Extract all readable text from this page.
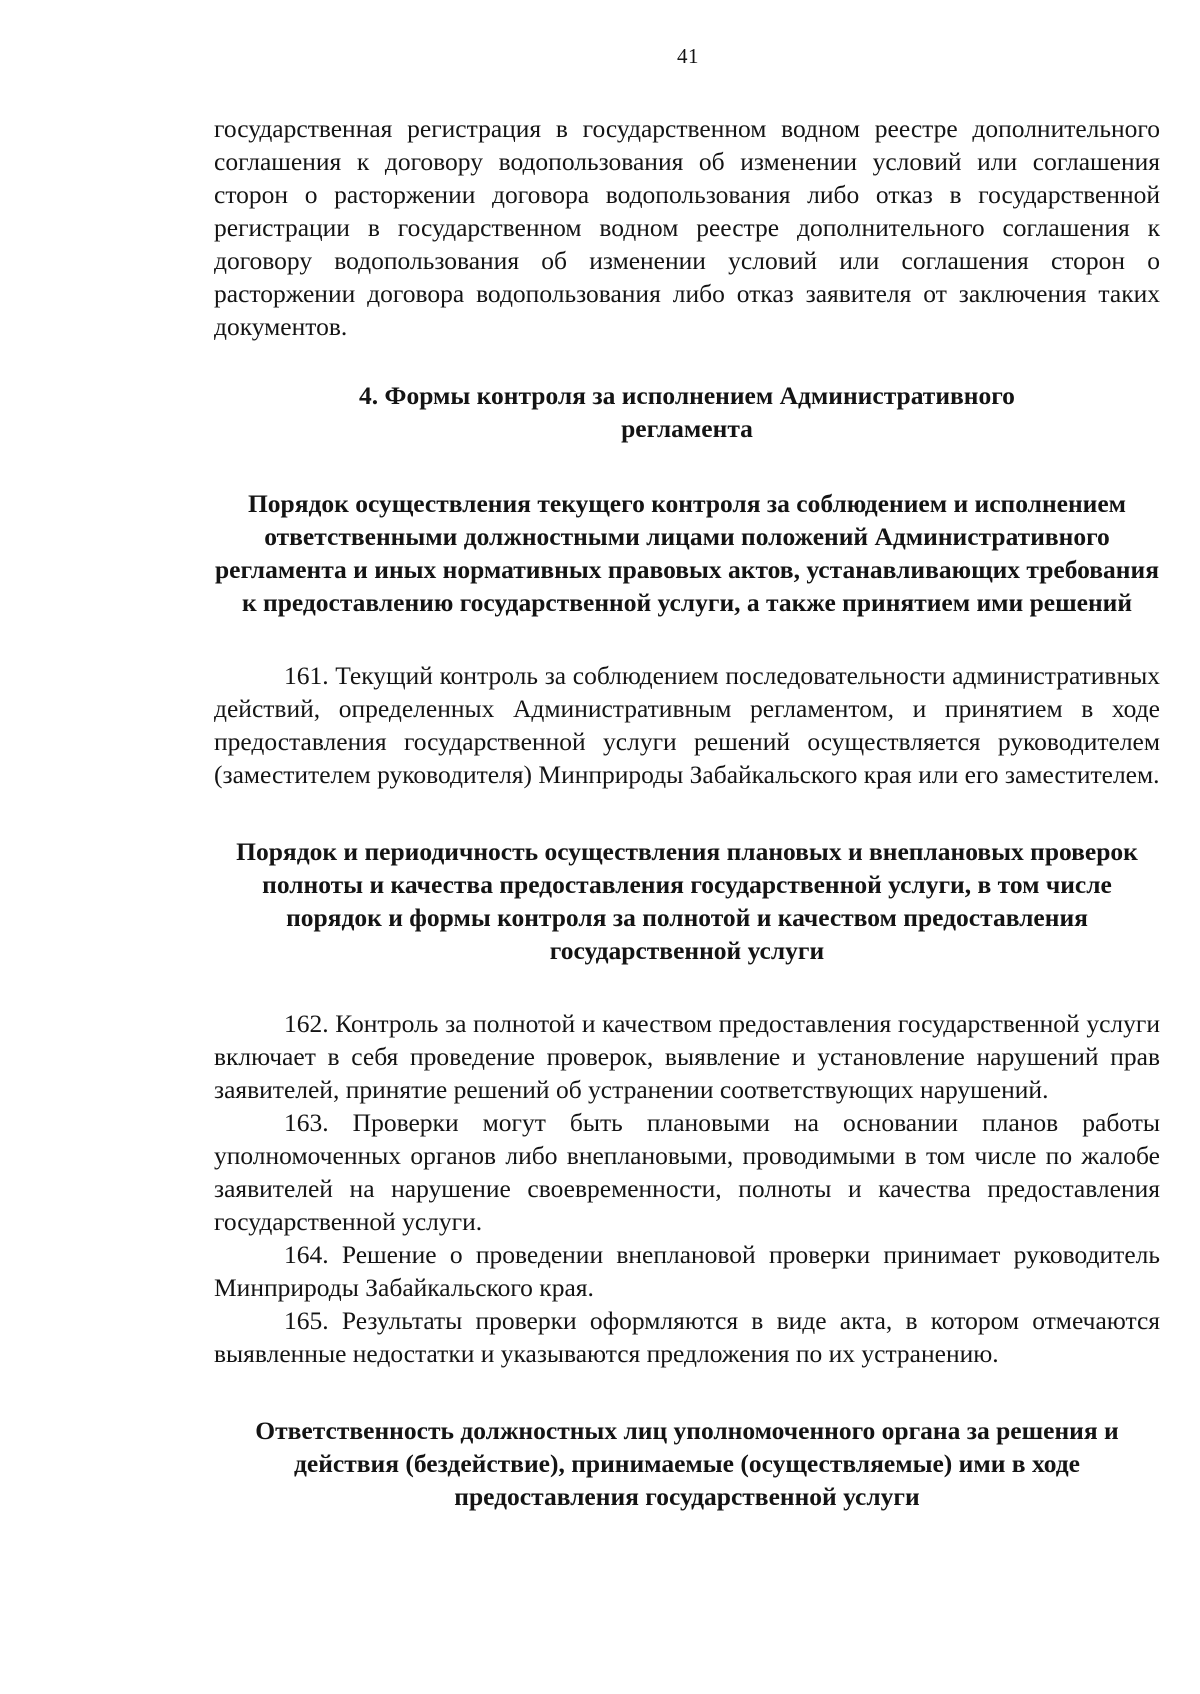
41

государственная регистрация в государственном водном реестре дополнительного соглашения к договору водопользования об изменении условий или соглашения сторон о расторжении договора водопользования либо отказ в государственной регистрации в государственном водном реестре дополнительного соглашения к договору водопользования об изменении условий или соглашения сторон о расторжении договора водопользования либо отказ заявителя от заключения таких документов.

4. Формы контроля за исполнением Административного регламента

Порядок осуществления текущего контроля за соблюдением и исполнением ответственными должностными лицами положений Административного регламента и иных нормативных правовых актов, устанавливающих требования к предоставлению государственной услуги, а также принятием ими решений

161. Текущий контроль за соблюдением последовательности административных действий, определенных Административным регламентом, и принятием в ходе предоставления государственной услуги решений осуществляется руководителем (заместителем руководителя) Минприроды Забайкальского края или его заместителем.

Порядок и периодичность осуществления плановых и внеплановых проверок полноты и качества предоставления государственной услуги, в том числе порядок и формы контроля за полнотой и качеством предоставления государственной услуги

162. Контроль за полнотой и качеством предоставления государственной услуги включает в себя проведение проверок, выявление и установление нарушений прав заявителей, принятие решений об устранении соответствующих нарушений.

163. Проверки могут быть плановыми на основании планов работы уполномоченных органов либо внеплановыми, проводимыми в том числе по жалобе заявителей на нарушение своевременности, полноты и качества предоставления государственной услуги.

164. Решение о проведении внеплановой проверки принимает руководитель Минприроды Забайкальского края.

165. Результаты проверки оформляются в виде акта, в котором отмечаются выявленные недостатки и указываются предложения по их устранению.

Ответственность должностных лиц уполномоченного органа за решения и действия (бездействие), принимаемые (осуществляемые) ими в ходе предоставления государственной услуги
